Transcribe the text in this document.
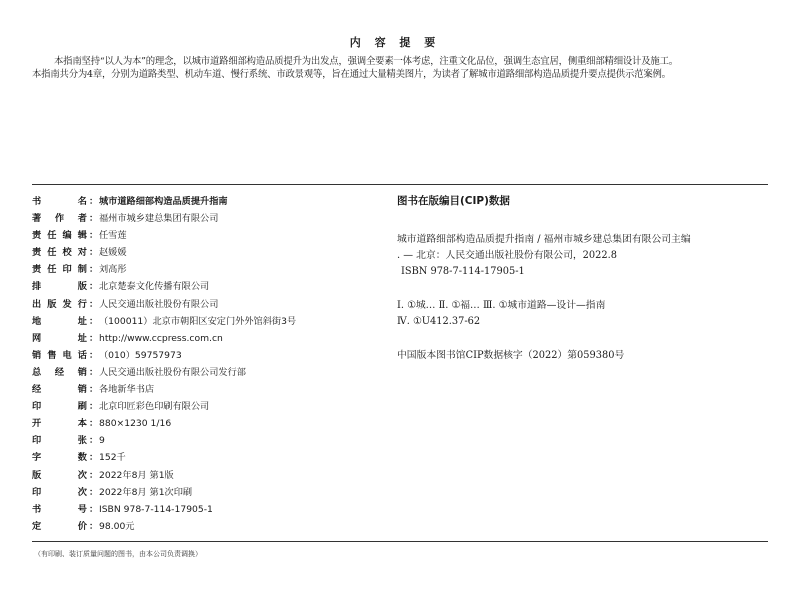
内 容 提 要
本指南坚持“以人为本”的理念，以城市道路细部构造品质提升为出发点，强调全要素一体考虑，注重文化品位，强调生态宜居，侧重细部精细设计及施工。
本指南共分为4章，分别为道路类型、机动车道、慢行系统、市政景观等，旨在通过大量精美图片，为读者了解城市道路细部构造品质提升要点提供示范案例。
书名 ： 城市道路细部构造品质提升指南
著作者 ： 福州市城乡建总集团有限公司
责任编辑 ： 任雪莲
责任校对 ： 赵媛媛
责任印制 ： 刘高彤
排版 ： 北京楚泰文化传播有限公司
出版发行 ： 人民交通出版社股份有限公司
地址 ： （100011）北京市朝阳区安定门外外馆斜街3号
网址 ： http://www.ccpress.com.cn
销售电话 ： （010）59757973
总经销 ： 人民交通出版社股份有限公司发行部
经销 ： 各地新华书店
印刷 ： 北京印匠彩色印刷有限公司
开本 ： 880×1230 1/16
印张 ： 9
字数 ： 152千
版次 ： 2022年8月 第1版
印次 ： 2022年8月 第1次印刷
书号 ： ISBN 978-7-114-17905-1
定价 ： 98.00元
图书在版编目(CIP)数据
城市道路细部构造品质提升指南 / 福州市城乡建总集团有限公司主编
. — 北京：人民交通出版社股份有限公司，2022.8
ISBN 978-7-114-17905-1
Ⅰ. ①城… Ⅱ. ①福… Ⅲ. ①城市道路—设计—指南
Ⅳ. ①U412.37-62
中国版本图书馆CIP数据核字（2022）第059380号
（有印刷、装订质量问题的图书，由本公司负责调换）
